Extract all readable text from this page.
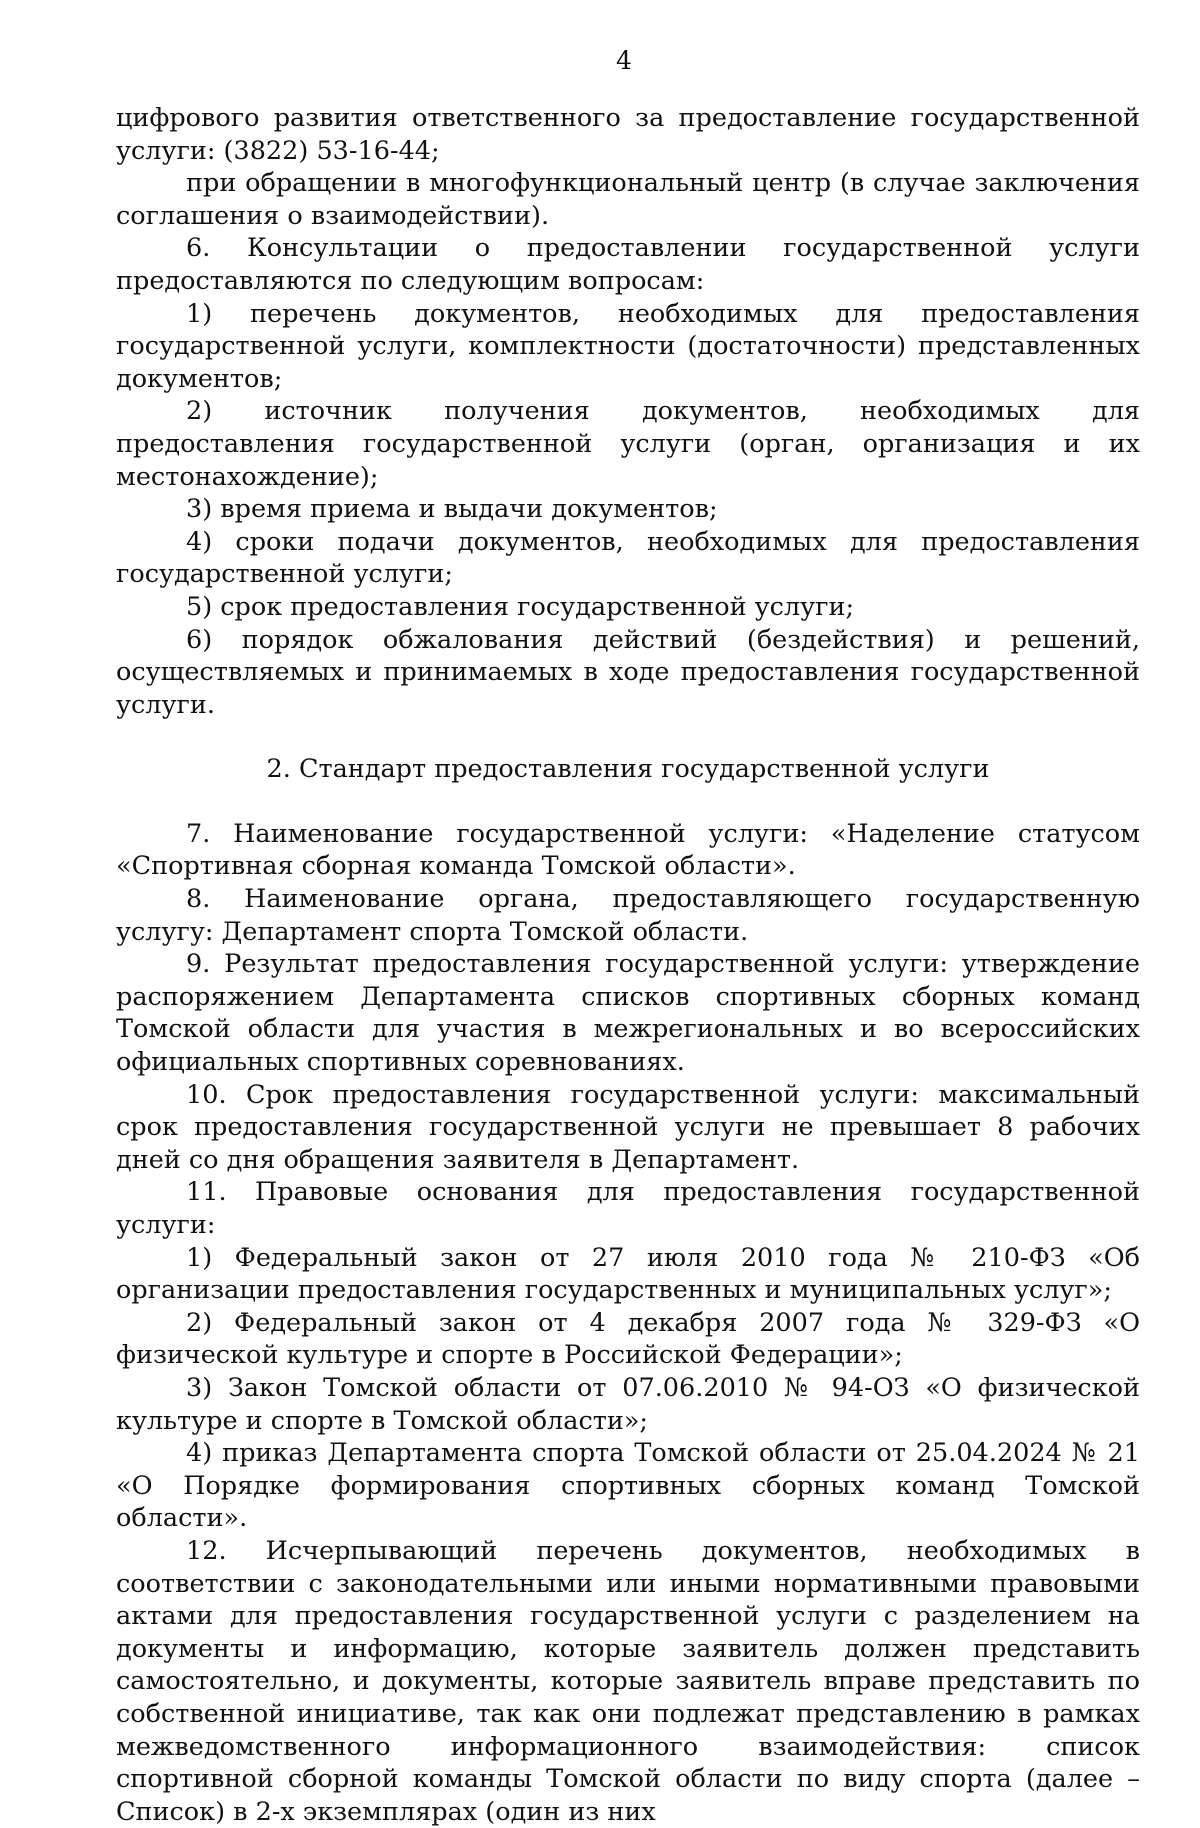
4

цифрового развития ответственного за предоставление государственной услуги: (3822) 53-16-44;

при обращении в многофункциональный центр (в случае заключения соглашения о взаимодействии).

6. Консультации о предоставлении государственной услуги предоставляются по следующим вопросам:

1) перечень документов, необходимых для предоставления государственной услуги, комплектности (достаточности) представленных документов;

2) источник получения документов, необходимых для предоставления государственной услуги (орган, организация и их местонахождение);

3) время приема и выдачи документов;

4) сроки подачи документов, необходимых для предоставления государственной услуги;

5) срок предоставления государственной услуги;

6) порядок обжалования действий (бездействия) и решений, осуществляемых и принимаемых в ходе предоставления государственной услуги.

2. Стандарт предоставления государственной услуги

7. Наименование государственной услуги: «Наделение статусом «Спортивная сборная команда Томской области».

8. Наименование органа, предоставляющего государственную услугу: Департамент спорта Томской области.

9. Результат предоставления государственной услуги: утверждение распоряжением Департамента списков спортивных сборных команд Томской области для участия в межрегиональных и во всероссийских официальных спортивных соревнованиях.

10. Срок предоставления государственной услуги: максимальный срок предоставления государственной услуги не превышает 8 рабочих дней со дня обращения заявителя в Департамент.

11. Правовые основания для предоставления государственной услуги:

1) Федеральный закон от 27 июля 2010 года № 210-ФЗ «Об организации предоставления государственных и муниципальных услуг»;

2) Федеральный закон от 4 декабря 2007 года № 329-ФЗ «О физической культуре и спорте в Российской Федерации»;

3) Закон Томской области от 07.06.2010 № 94-ОЗ «О физической культуре и спорте в Томской области»;

4) приказ Департамента спорта Томской области от 25.04.2024 № 21 «О Порядке формирования спортивных сборных команд Томской области».

12. Исчерпывающий перечень документов, необходимых в соответствии с законодательными или иными нормативными правовыми актами для предоставления государственной услуги с разделением на документы и информацию, которые заявитель должен представить самостоятельно, и документы, которые заявитель вправе представить по собственной инициативе, так как они подлежат представлению в рамках межведомственного информационного взаимодействия: список спортивной сборной команды Томской области по виду спорта (далее – Список) в 2-х экземплярах (один из них
